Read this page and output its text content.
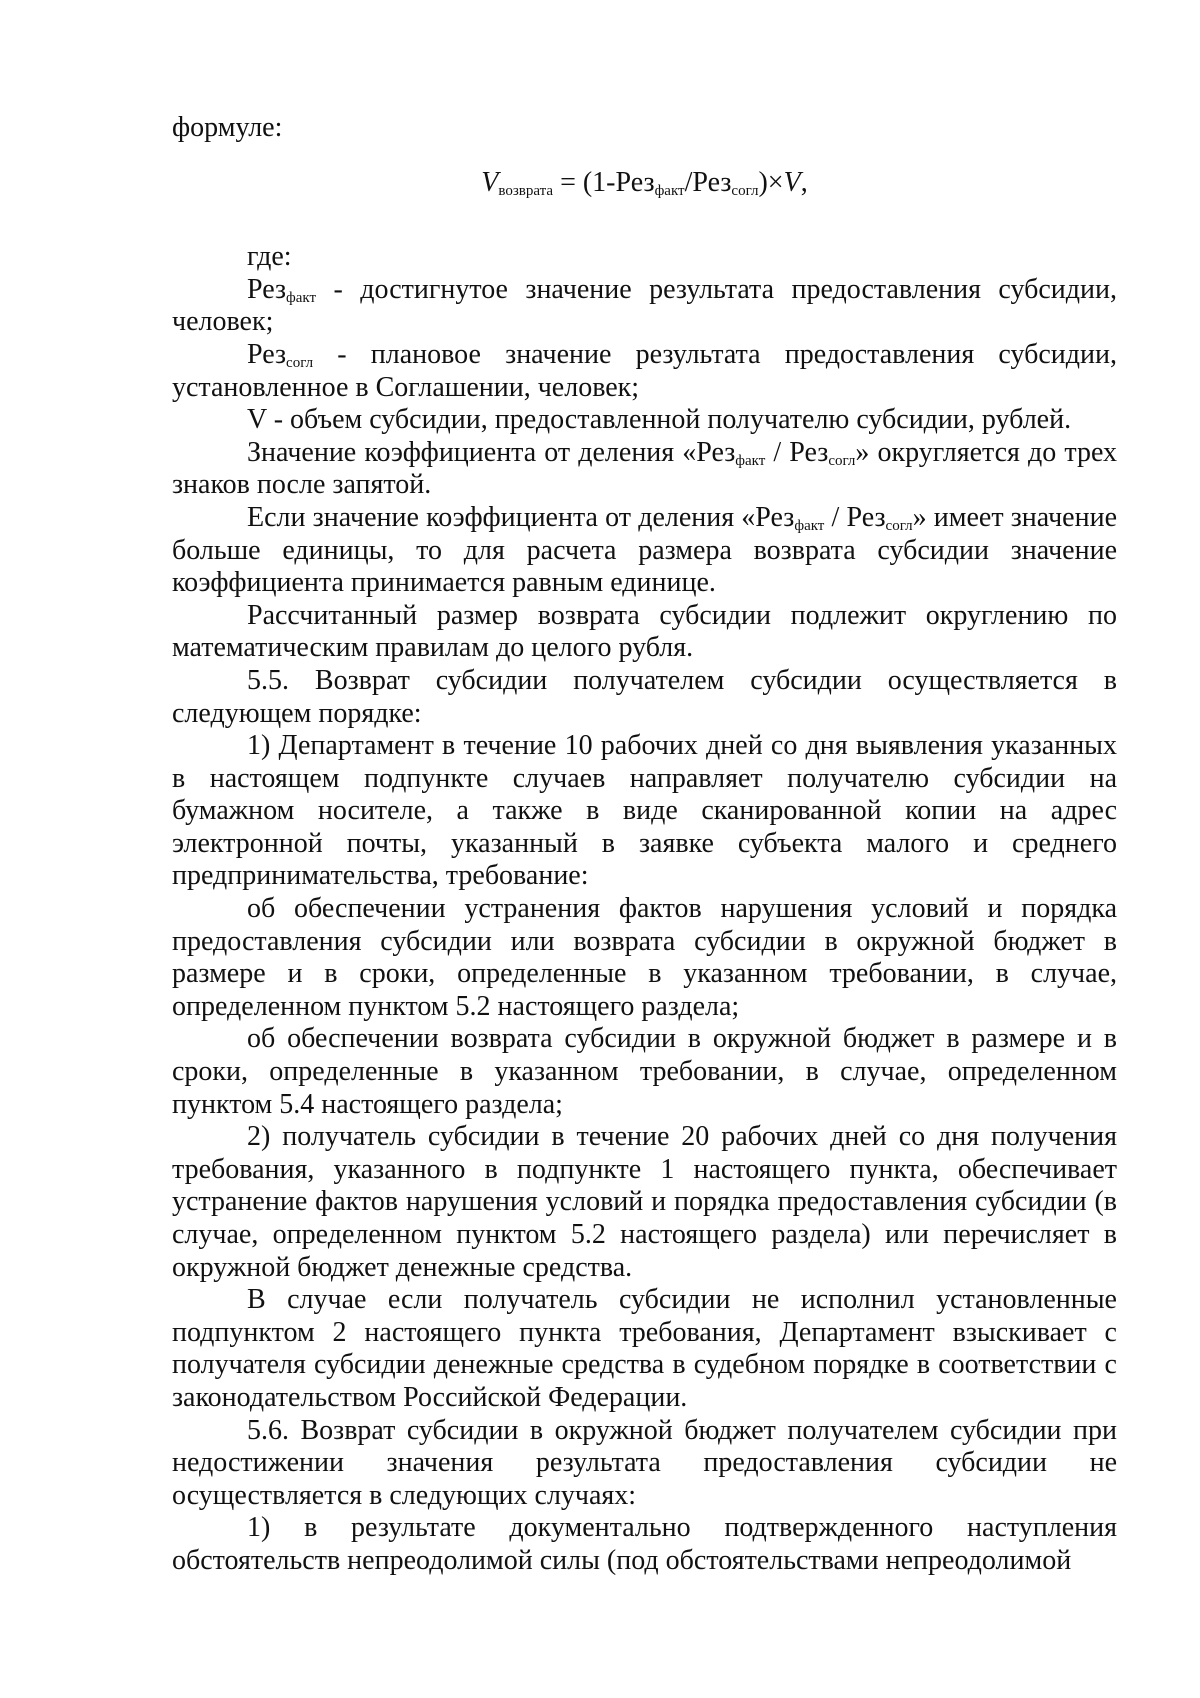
формуле:

$V_{возврата} = (1-Рез_{факт}/Рез_{согл})\times V$,

где:

Рез$_{факт}$ - достигнутое значение результата предоставления субсидии, человек;

Рез$_{согл}$ - плановое значение результата предоставления субсидии, установленное в Соглашении, человек;

V - объем субсидии, предоставленной получателю субсидии, рублей.

Значение коэффициента от деления «Рез$_{факт}$ / Рез$_{согл}$» округляется до трех знаков после запятой.

Если значение коэффициента от деления «Рез$_{факт}$ / Рез$_{согл}$» имеет значение больше единицы, то для расчета размера возврата субсидии значение коэффициента принимается равным единице.

Рассчитанный размер возврата субсидии подлежит округлению по математическим правилам до целого рубля.

5.5. Возврат субсидии получателем субсидии осуществляется в следующем порядке:

1) Департамент в течение 10 рабочих дней со дня выявления указанных в настоящем подпункте случаев направляет получателю субсидии на бумажном носителе, а также в виде сканированной копии на адрес электронной почты, указанный в заявке субъекта малого и среднего предпринимательства, требование:

об обеспечении устранения фактов нарушения условий и порядка предоставления субсидии или возврата субсидии в окружной бюджет в размере и в сроки, определенные в указанном требовании, в случае, определенном пунктом 5.2 настоящего раздела;

об обеспечении возврата субсидии в окружной бюджет в размере и в сроки, определенные в указанном требовании, в случае, определенном пунктом 5.4 настоящего раздела;

2) получатель субсидии в течение 20 рабочих дней со дня получения требования, указанного в подпункте 1 настоящего пункта, обеспечивает устранение фактов нарушения условий и порядка предоставления субсидии (в случае, определенном пунктом 5.2 настоящего раздела) или перечисляет в окружной бюджет денежные средства.

В случае если получатель субсидии не исполнил установленные подпунктом 2 настоящего пункта требования, Департамент взыскивает с получателя субсидии денежные средства в судебном порядке в соответствии с законодательством Российской Федерации.

5.6. Возврат субсидии в окружной бюджет получателем субсидии при недостижении значения результата предоставления субсидии не осуществляется в следующих случаях:

1) в результате документально подтвержденного наступления обстоятельств непреодолимой силы (под обстоятельствами непреодолимой
